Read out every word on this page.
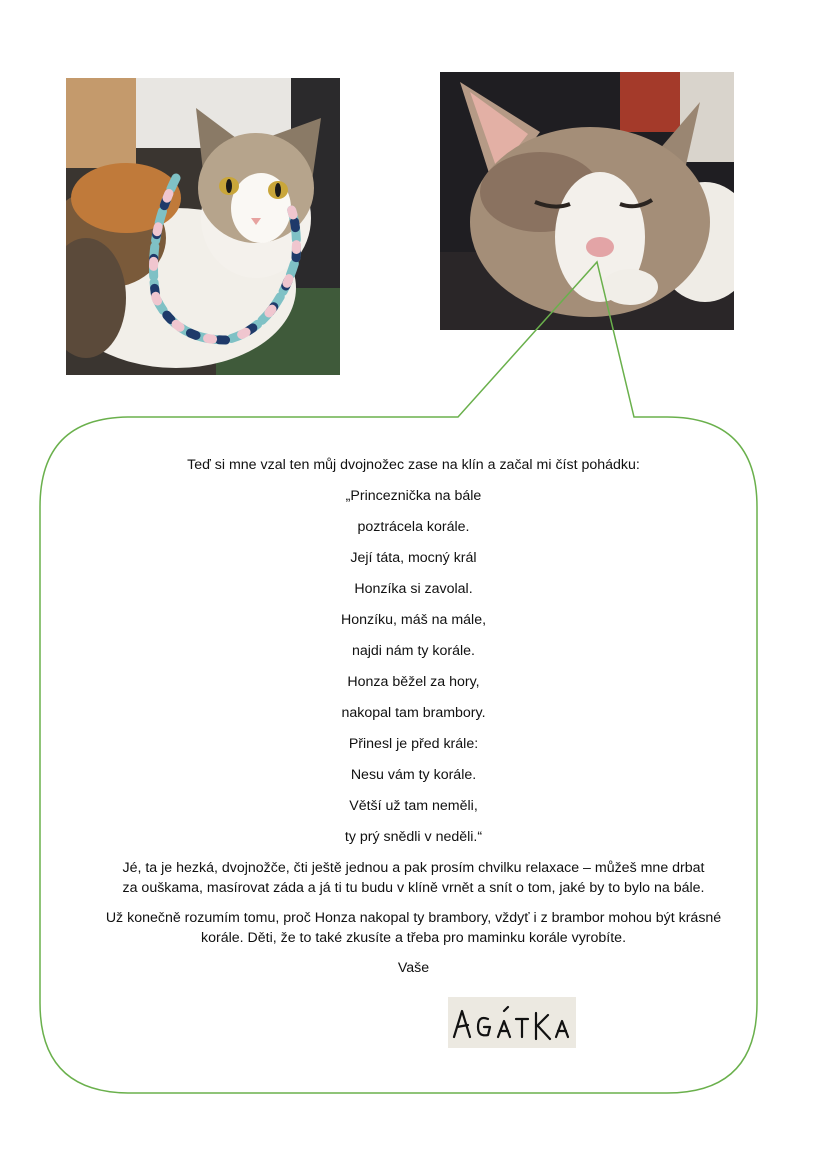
Teď si mne vzal ten můj dvojnožec zase na klín a začal mi číst pohádku:

„Princeznička na bále
poztrácela korále.
Její táta, mocný král
Honzíka si zavolal.
Honzíku, máš na mále,
najdi nám ty korále.
Honza běžel za hory,
nakopal tam brambory.
Přinesl je před krále:
Nesu vám ty korále.
Větší už tam neměli,
ty prý snědli v neděli.“

Jé, ta je hezká, dvojnožče, čti ještě jednou a pak prosím chvilku relaxace – můžeš mne drbat
za ouškama, masírovat záda a já ti tu budu v klíně vrnět a snít o tom, jaké by to bylo na bále.

Už konečně rozumím tomu, proč Honza nakopal ty brambory, vždyť i z brambor mohou být krásné
korále. Děti, že to také zkusíte a třeba pro maminku korále vyrobíte.

Vaše
